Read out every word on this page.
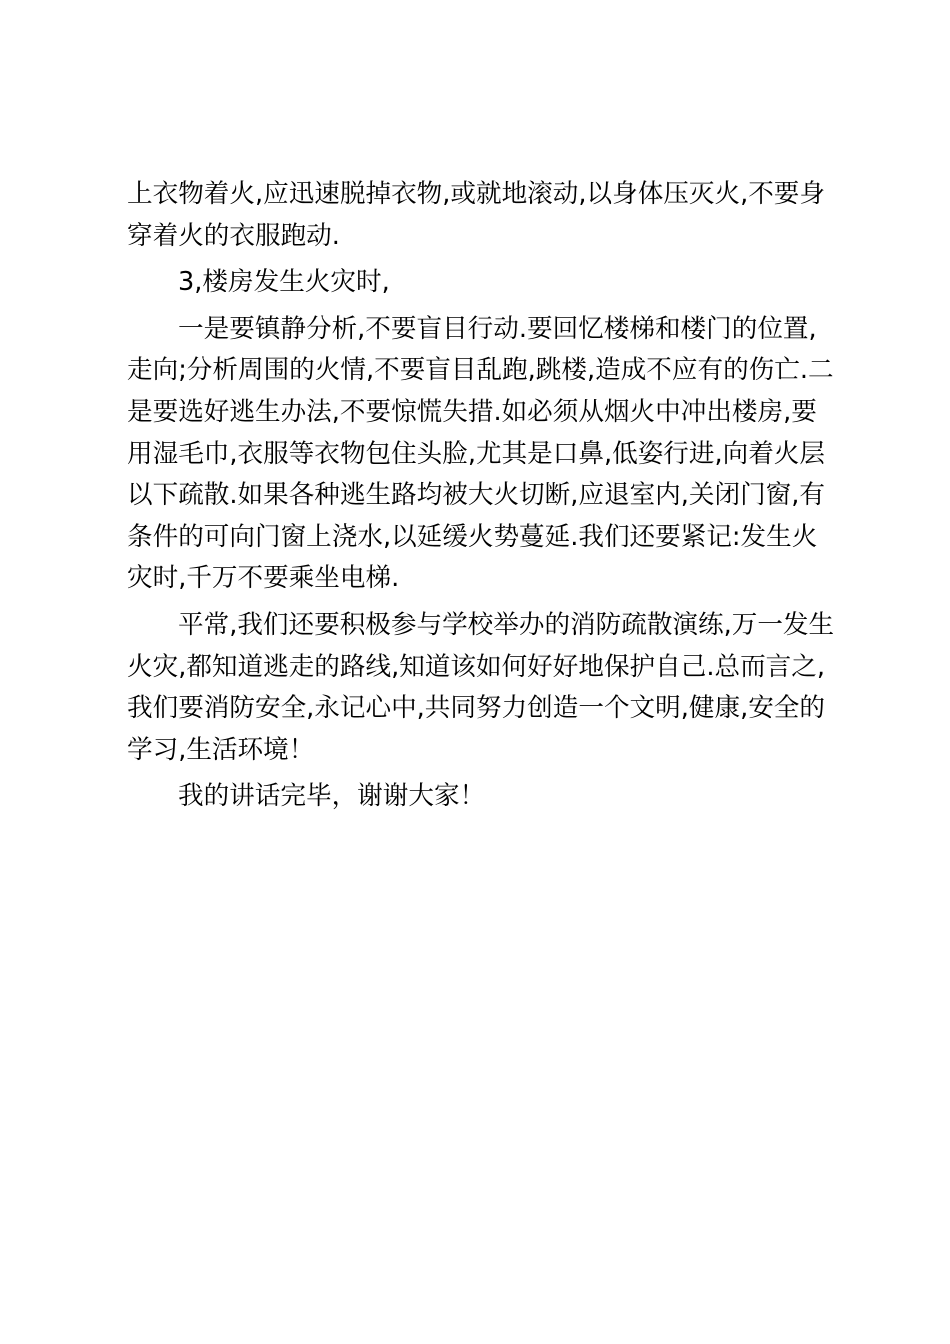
上衣物着火,应迅速脱掉衣物,或就地滚动,以身体压灭火,不要身
穿着火的衣服跑动.
3,楼房发生火灾时,
一是要镇静分析,不要盲目行动.要回忆楼梯和楼门的位置,
走向;分析周围的火情,不要盲目乱跑,跳楼,造成不应有的伤亡.二
是要选好逃生办法,不要惊慌失措.如必须从烟火中冲出楼房,要
用湿毛巾,衣服等衣物包住头脸,尤其是口鼻,低姿行进,向着火层
以下疏散.如果各种逃生路均被大火切断,应退室内,关闭门窗,有
条件的可向门窗上浇水,以延缓火势蔓延.我们还要紧记:发生火
灾时,千万不要乘坐电梯.
平常,我们还要积极参与学校举办的消防疏散演练,万一发生
火灾,都知道逃走的路线,知道该如何好好地保护自己.总而言之,
我们要消防安全,永记心中,共同努力创造一个文明,健康,安全的
学习,生活环境！
我的讲话完毕，谢谢大家！
